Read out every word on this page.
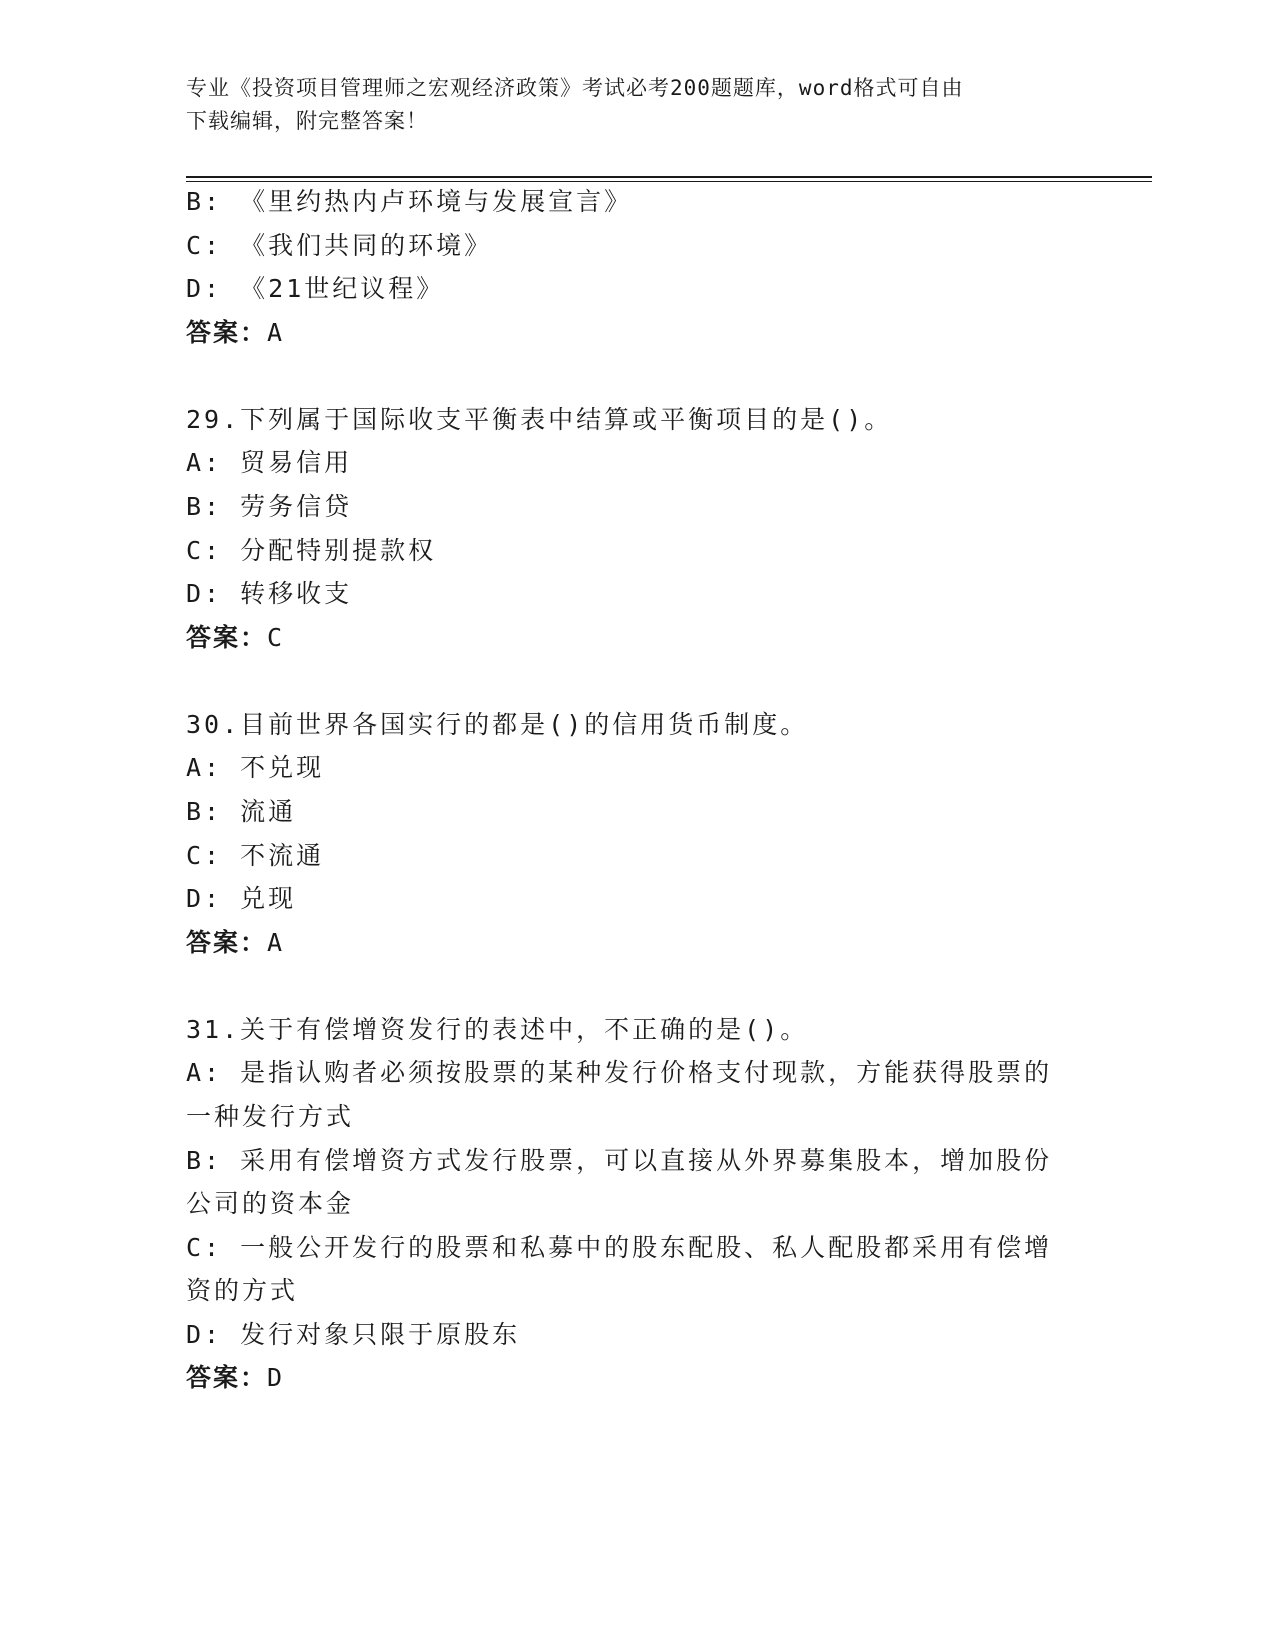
专业《投资项目管理师之宏观经济政策》考试必考200题题库，word格式可自由
下载编辑，附完整答案！
B: 《里约热内卢环境与发展宣言》
C: 《我们共同的环境》
D: 《21世纪议程》
答案：A
29.下列属于国际收支平衡表中结算或平衡项目的是()。
A: 贸易信用
B: 劳务信贷
C: 分配特别提款权
D: 转移收支
答案：C
30.目前世界各国实行的都是()的信用货币制度。
A: 不兑现
B: 流通
C: 不流通
D: 兑现
答案：A
31.关于有偿增资发行的表述中，不正确的是()。
A: 是指认购者必须按股票的某种发行价格支付现款，方能获得股票的
一种发行方式
B: 采用有偿增资方式发行股票，可以直接从外界募集股本，增加股份
公司的资本金
C: 一般公开发行的股票和私募中的股东配股、私人配股都采用有偿增
资的方式
D: 发行对象只限于原股东
答案：D
